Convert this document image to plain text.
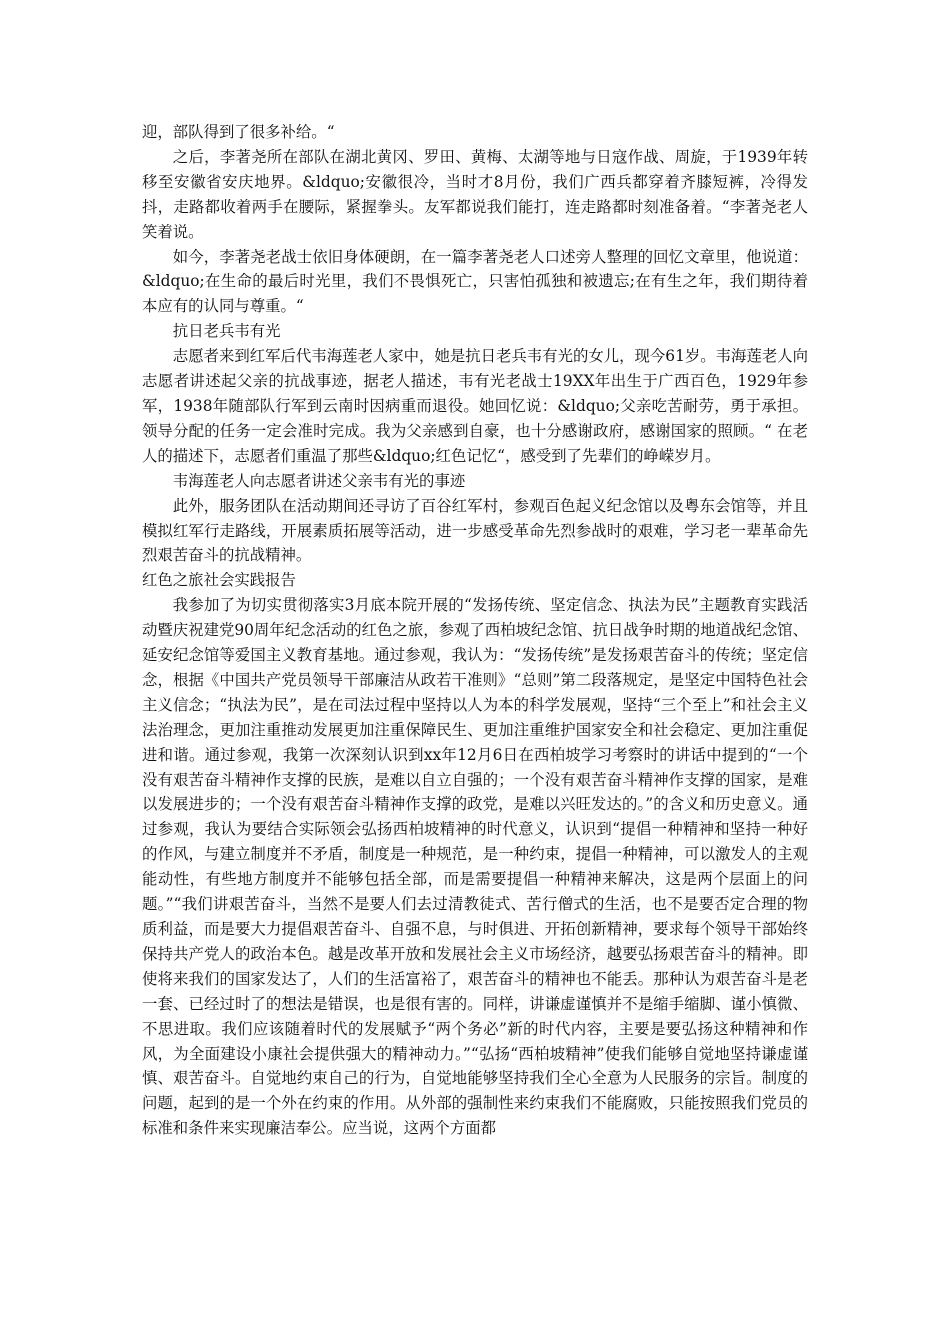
迎，部队得到了很多补给。“

之后，李著尧所在部队在湖北黄冈、罗田、黄梅、太湖等地与日寇作战、周旋，于1939年转移至安徽省安庆地界。&ldquo;安徽很冷，当时才8月份，我们广西兵都穿着齐膝短裤，冷得发抖，走路都收着两手在腰际，紧握拳头。友军都说我们能打，连走路都时刻准备着。“李著尧老人笑着说。

如今，李著尧老战士依旧身体硬朗，在一篇李著尧老人口述旁人整理的回忆文章里，他说道：&ldquo;在生命的最后时光里，我们不畏惧死亡，只害怕孤独和被遗忘;在有生之年，我们期待着本应有的认同与尊重。“

抗日老兵韦有光

志愿者来到红军后代韦海莲老人家中，她是抗日老兵韦有光的女儿，现今61岁。韦海莲老人向志愿者讲述起父亲的抗战事迹，据老人描述，韦有光老战士19XX年出生于广西百色，1929年参军，1938年随部队行军到云南时因病重而退役。她回忆说：&ldquo;父亲吃苦耐劳，勇于承担。领导分配的任务一定会准时完成。我为父亲感到自豪，也十分感谢政府，感谢国家的照顾。“ 在老人的描述下，志愿者们重温了那些&ldquo;红色记忆“，感受到了先辈们的峥嵘岁月。

韦海莲老人向志愿者讲述父亲韦有光的事迹

此外，服务团队在活动期间还寻访了百谷红军村，参观百色起义纪念馆以及粤东会馆等，并且模拟红军行走路线，开展素质拓展等活动，进一步感受革命先烈参战时的艰难，学习老一辈革命先烈艰苦奋斗的抗战精神。

红色之旅社会实践报告

我参加了为切实贯彻落实3月底本院开展的“发扬传统、坚定信念、执法为民”主题教育实践活动暨庆祝建党90周年纪念活动的红色之旅，参观了西柏坡纪念馆、抗日战争时期的地道战纪念馆、延安纪念馆等爱国主义教育基地。通过参观，我认为：“发扬传统”是发扬艰苦奋斗的传统；坚定信念，根据《中国共产党员领导干部廉洁从政若干准则》“总则”第二段落规定，是坚定中国特色社会主义信念；“执法为民”，是在司法过程中坚持以人为本的科学发展观，坚持“三个至上”和社会主义法治理念，更加注重推动发展更加注重保障民生、更加注重维护国家安全和社会稳定、更加注重促进和谐。通过参观，我第一次深刻认识到xx年12月6日在西柏坡学习考察时的讲话中提到的“一个没有艰苦奋斗精神作支撑的民族，是难以自立自强的；一个没有艰苦奋斗精神作支撑的国家，是难以发展进步的；一个没有艰苦奋斗精神作支撑的政党，是难以兴旺发达的。”的含义和历史意义。通过参观，我认为要结合实际领会弘扬西柏坡精神的时代意义，认识到“提倡一种精神和坚持一种好的作风，与建立制度并不矛盾，制度是一种规范，是一种约束，提倡一种精神，可以激发人的主观能动性，有些地方制度并不能够包括全部，而是需要提倡一种精神来解决，这是两个层面上的问题。”“我们讲艰苦奋斗，当然不是要人们去过清教徒式、苦行僧式的生活，也不是要否定合理的物质利益，而是要大力提倡艰苦奋斗、自强不息，与时俱进、开拓创新精神，要求每个领导干部始终保持共产党人的政治本色。越是改革开放和发展社会主义市场经济，越要弘扬艰苦奋斗的精神。即使将来我们的国家发达了，人们的生活富裕了，艰苦奋斗的精神也不能丢。那种认为艰苦奋斗是老一套、已经过时了的想法是错误，也是很有害的。同样，讲谦虚谨慎并不是缩手缩脚、谨小慎微、不思进取。我们应该随着时代的发展赋予“两个务必”新的时代内容，主要是要弘扬这种精神和作风，为全面建设小康社会提供强大的精神动力。”“弘扬“西柏坡精神”使我们能够自觉地坚持谦虚谨慎、艰苦奋斗。自觉地约束自己的行为，自觉地能够坚持我们全心全意为人民服务的宗旨。制度的问题，起到的是一个外在约束的作用。从外部的强制性来约束我们不能腐败，只能按照我们党员的标准和条件来实现廉洁奉公。应当说，这两个方面都
